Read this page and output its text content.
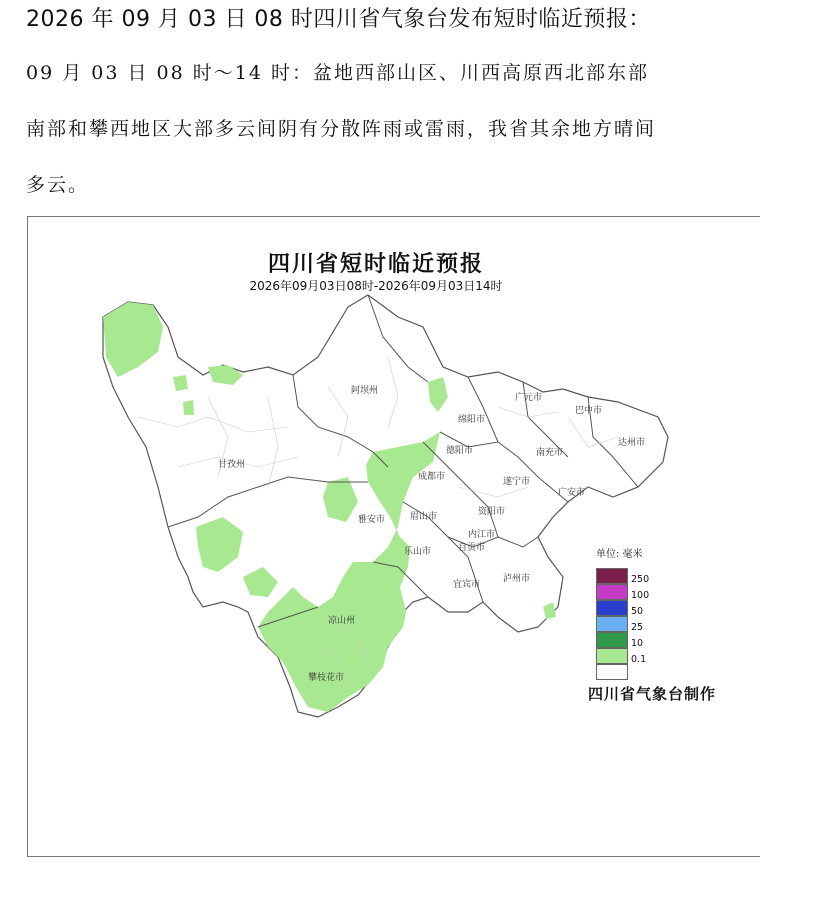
2026 年 09 月 03 日 08 时四川省气象台发布短时临近预报：
09 月 03 日 08 时～14 时：盆地西部山区、川西高原西北部东部
南部和攀西地区大部多云间阴有分散阵雨或雷雨，我省其余地方晴间
多云。
四川省短时临近预报
2026年09月03日08时-2026年09月03日14时
阿坝州
甘孜州
绵阳市
广元市
巴中市
达州市
德阳市	南充市
成都市	遂宁市
广安市
雅安市	眉山市	资阳市
内江市
乐山市	自贡市
宜宾市
泸州市
凉山州
攀枝花市
单位: 毫米
250
100
50
25
10
0.1
四川省气象台制作
